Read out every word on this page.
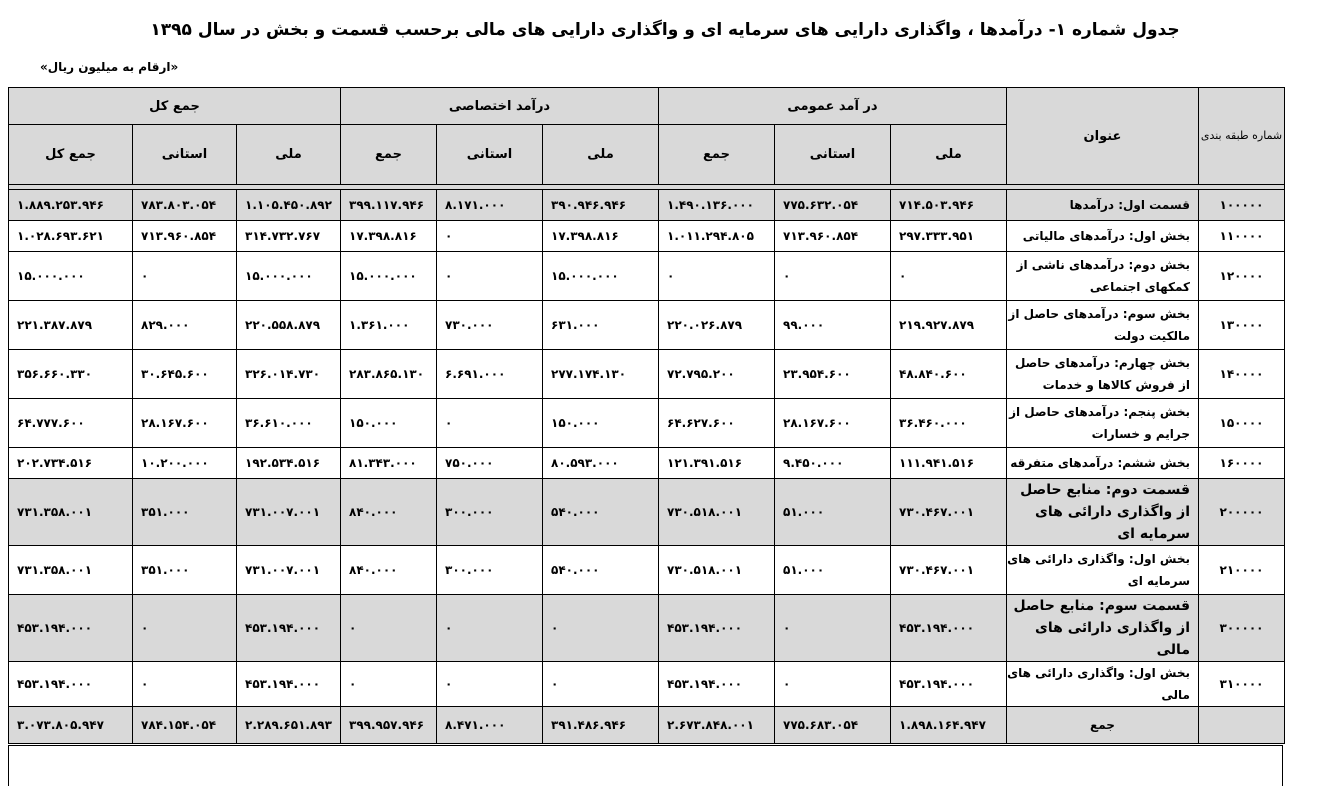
جدول شماره ۱- درآمدها ، واگذاری دارایی های سرمایه ای و واگذاری دارایی های مالی برحسب قسمت و بخش در سال ۱۳۹۵
«ارقام به میلیون ریال»
شماره طبقه بندی	عنوان	در آمد عمومی			درآمد اختصاصی			جمع کل		
		ملی	استانی	جمع	ملی	استانی	جمع	ملی	استانی	جمع کل

۱۰۰۰۰۰	قسمت اول: درآمدها	۷۱۴.۵۰۳.۹۴۶	۷۷۵.۶۳۲.۰۵۴	۱.۴۹۰.۱۳۶.۰۰۰	۳۹۰.۹۴۶.۹۴۶	۸.۱۷۱.۰۰۰	۳۹۹.۱۱۷.۹۴۶	۱.۱۰۵.۴۵۰.۸۹۲	۷۸۳.۸۰۳.۰۵۴	۱.۸۸۹.۲۵۳.۹۴۶
۱۱۰۰۰۰	بخش اول: درآمدهای مالیاتی	۲۹۷.۳۳۳.۹۵۱	۷۱۳.۹۶۰.۸۵۴	۱.۰۱۱.۲۹۴.۸۰۵	۱۷.۳۹۸.۸۱۶	۰	۱۷.۳۹۸.۸۱۶	۳۱۴.۷۳۲.۷۶۷	۷۱۳.۹۶۰.۸۵۴	۱.۰۲۸.۶۹۳.۶۲۱
۱۲۰۰۰۰	بخش دوم: درآمدهای ناشی از کمکهای اجتماعی	۰	۰	۰	۱۵.۰۰۰.۰۰۰	۰	۱۵.۰۰۰.۰۰۰	۱۵.۰۰۰.۰۰۰	۰	۱۵.۰۰۰.۰۰۰
۱۳۰۰۰۰	بخش سوم: درآمدهای حاصل از مالکیت دولت	۲۱۹.۹۲۷.۸۷۹	۹۹.۰۰۰	۲۲۰.۰۲۶.۸۷۹	۶۳۱.۰۰۰	۷۳۰.۰۰۰	۱.۳۶۱.۰۰۰	۲۲۰.۵۵۸.۸۷۹	۸۲۹.۰۰۰	۲۲۱.۳۸۷.۸۷۹
۱۴۰۰۰۰	بخش چهارم: درآمدهای حاصل از فروش کالاها و خدمات	۴۸.۸۴۰.۶۰۰	۲۳.۹۵۴.۶۰۰	۷۲.۷۹۵.۲۰۰	۲۷۷.۱۷۴.۱۳۰	۶.۶۹۱.۰۰۰	۲۸۳.۸۶۵.۱۳۰	۳۲۶.۰۱۴.۷۳۰	۳۰.۶۴۵.۶۰۰	۳۵۶.۶۶۰.۳۳۰
۱۵۰۰۰۰	بخش پنجم: درآمدهای حاصل از جرایم و خسارات	۳۶.۴۶۰.۰۰۰	۲۸.۱۶۷.۶۰۰	۶۴.۶۲۷.۶۰۰	۱۵۰.۰۰۰	۰	۱۵۰.۰۰۰	۳۶.۶۱۰.۰۰۰	۲۸.۱۶۷.۶۰۰	۶۴.۷۷۷.۶۰۰
۱۶۰۰۰۰	بخش ششم: درآمدهای متفرقه	۱۱۱.۹۴۱.۵۱۶	۹.۴۵۰.۰۰۰	۱۲۱.۳۹۱.۵۱۶	۸۰.۵۹۳.۰۰۰	۷۵۰.۰۰۰	۸۱.۳۴۳.۰۰۰	۱۹۲.۵۳۴.۵۱۶	۱۰.۲۰۰.۰۰۰	۲۰۲.۷۳۴.۵۱۶
۲۰۰۰۰۰	قسمت دوم: منابع حاصل از واگذاری دارائی های سرمایه ای	۷۳۰.۴۶۷.۰۰۱	۵۱.۰۰۰	۷۳۰.۵۱۸.۰۰۱	۵۴۰.۰۰۰	۳۰۰.۰۰۰	۸۴۰.۰۰۰	۷۳۱.۰۰۷.۰۰۱	۳۵۱.۰۰۰	۷۳۱.۳۵۸.۰۰۱
۲۱۰۰۰۰	بخش اول: واگذاری دارائی های سرمایه ای	۷۳۰.۴۶۷.۰۰۱	۵۱.۰۰۰	۷۳۰.۵۱۸.۰۰۱	۵۴۰.۰۰۰	۳۰۰.۰۰۰	۸۴۰.۰۰۰	۷۳۱.۰۰۷.۰۰۱	۳۵۱.۰۰۰	۷۳۱.۳۵۸.۰۰۱
۳۰۰۰۰۰	قسمت سوم: منابع حاصل از واگذاری دارائی های مالی	۴۵۳.۱۹۴.۰۰۰	۰	۴۵۳.۱۹۴.۰۰۰	۰	۰	۰	۴۵۳.۱۹۴.۰۰۰	۰	۴۵۳.۱۹۴.۰۰۰
۳۱۰۰۰۰	بخش اول: واگذاری دارائی های مالی	۴۵۳.۱۹۴.۰۰۰	۰	۴۵۳.۱۹۴.۰۰۰	۰	۰	۰	۴۵۳.۱۹۴.۰۰۰	۰	۴۵۳.۱۹۴.۰۰۰
	جمع	۱.۸۹۸.۱۶۴.۹۴۷	۷۷۵.۶۸۳.۰۵۴	۲.۶۷۳.۸۴۸.۰۰۱	۳۹۱.۴۸۶.۹۴۶	۸.۴۷۱.۰۰۰	۳۹۹.۹۵۷.۹۴۶	۲.۲۸۹.۶۵۱.۸۹۳	۷۸۴.۱۵۴.۰۵۴	۳.۰۷۳.۸۰۵.۹۴۷
